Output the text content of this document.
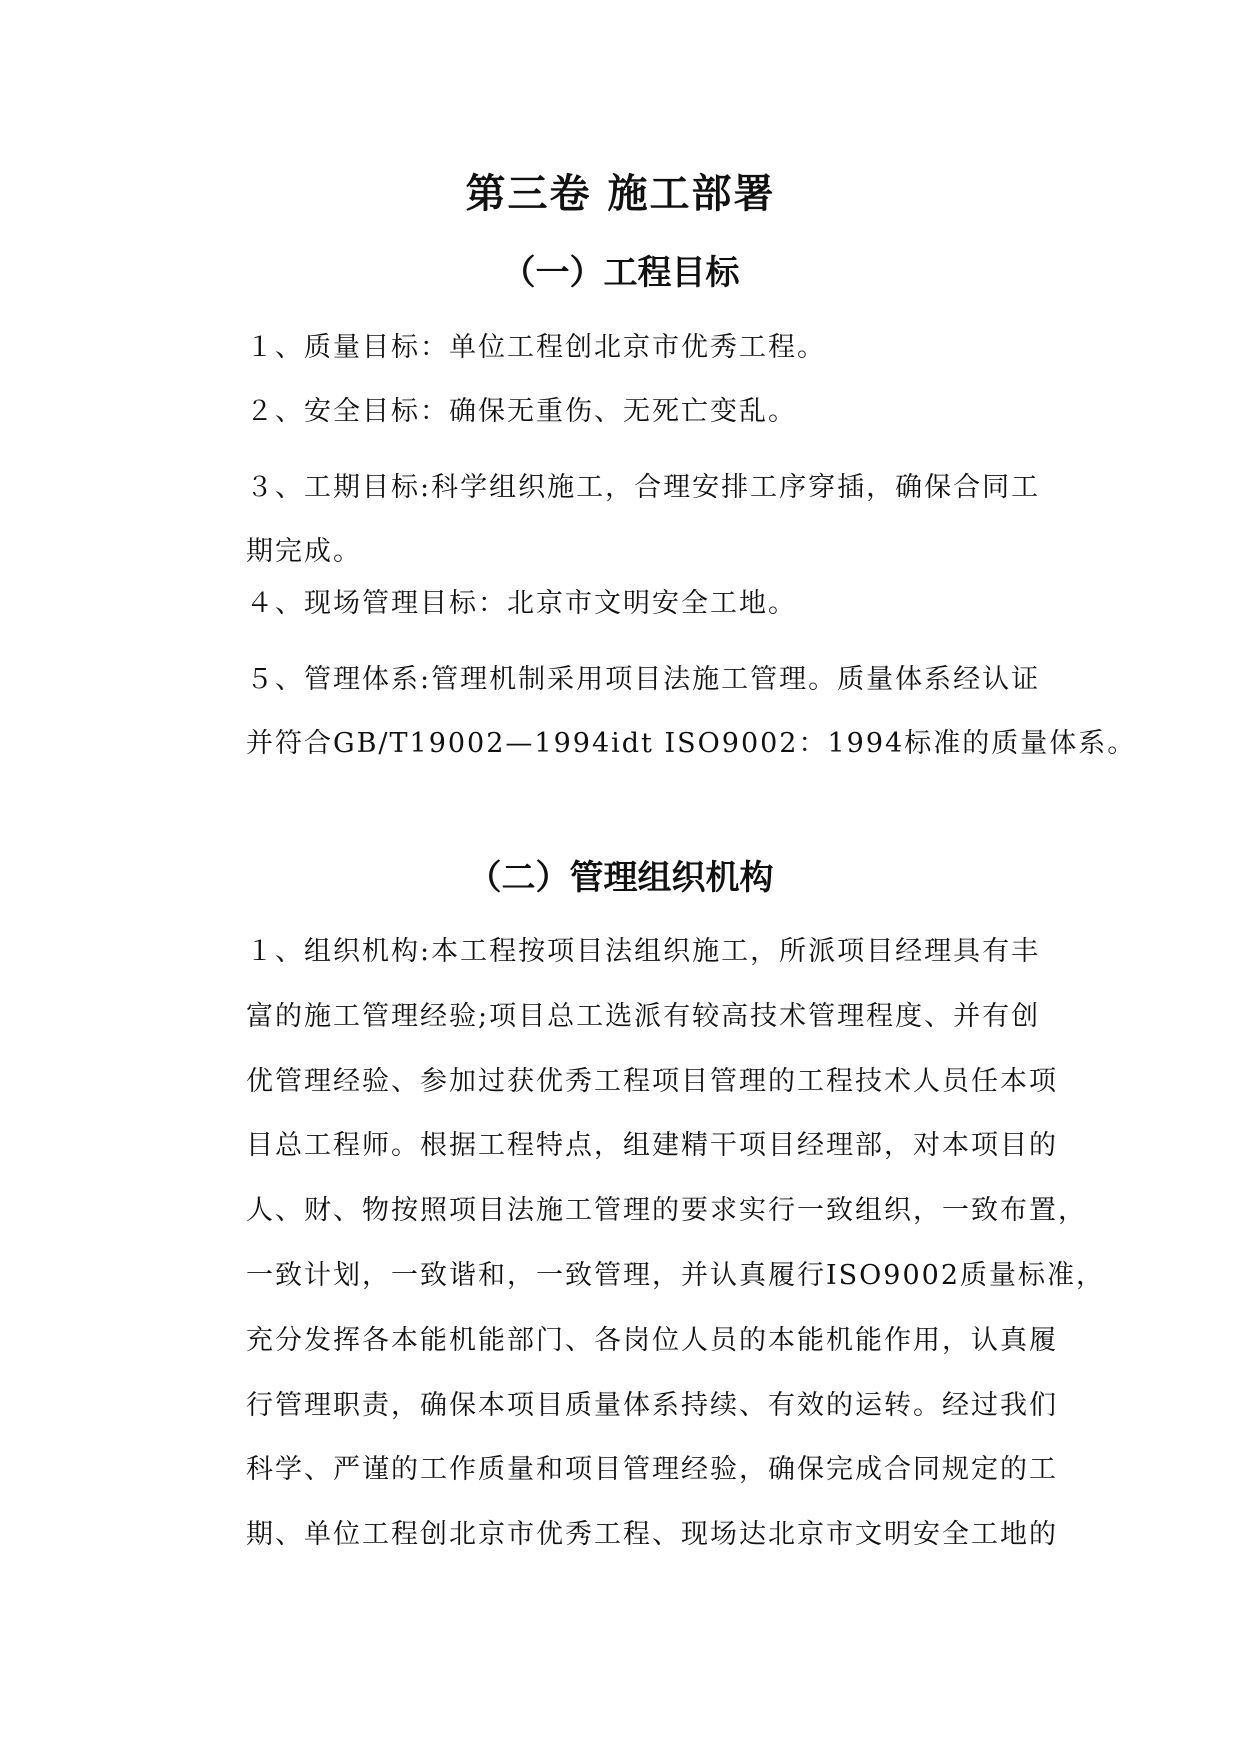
第三卷 施工部署
（一）工程目标

１、质量目标：单位工程创北京市优秀工程。

２、安全目标：确保无重伤、无死亡变乱。

３、工期目标:科学组织施工，合理安排工序穿插，确保合同工
期完成。

４、现场管理目标：北京市文明安全工地。

５、管理体系:管理机制采用项目法施工管理。质量体系经认证
并符合GB/T19002—1994idt ISO9002：1994标准的质量体系。

（二）管理组织机构

１、组织机构:本工程按项目法组织施工，所派项目经理具有丰
富的施工管理经验;项目总工选派有较高技术管理程度、并有创
优管理经验、参加过获优秀工程项目管理的工程技术人员任本项
目总工程师。根据工程特点，组建精干项目经理部，对本项目的
人、财、物按照项目法施工管理的要求实行一致组织，一致布置，
一致计划，一致谐和，一致管理，并认真履行ISO9002质量标准，
充分发挥各本能机能部门、各岗位人员的本能机能作用，认真履
行管理职责，确保本项目质量体系持续、有效的运转。经过我们
科学、严谨的工作质量和项目管理经验，确保完成合同规定的工
期、单位工程创北京市优秀工程、现场达北京市文明安全工地的
